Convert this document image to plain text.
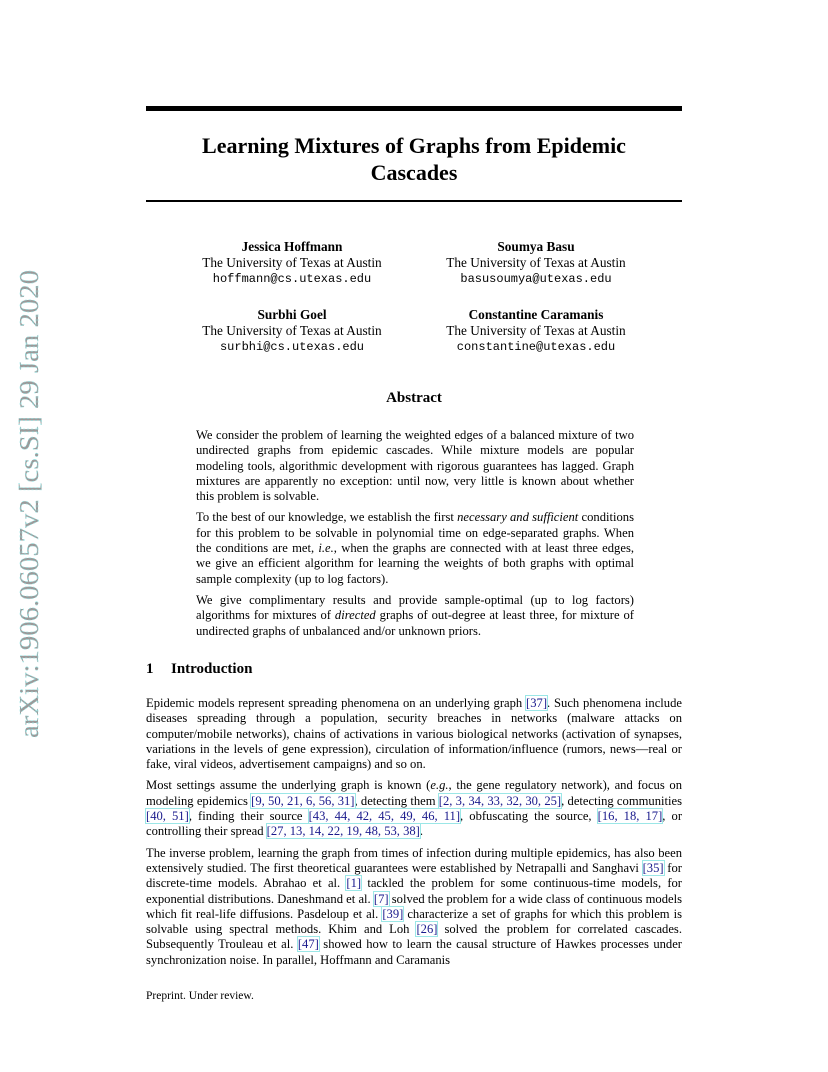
arXiv:1906.06057v2 [cs.SI] 29 Jan 2020
Learning Mixtures of Graphs from Epidemic
Cascades
Jessica Hoffmann
The University of Texas at Austin
hoffmann@cs.utexas.edu
Soumya Basu
The University of Texas at Austin
basusoumya@utexas.edu
Surbhi Goel
The University of Texas at Austin
surbhi@cs.utexas.edu
Constantine Caramanis
The University of Texas at Austin
constantine@utexas.edu
Abstract

We consider the problem of learning the weighted edges of a balanced mixture of two undirected graphs from epidemic cascades. While mixture models are popular modeling tools, algorithmic development with rigorous guarantees has lagged. Graph mixtures are apparently no exception: until now, very little is known about whether this problem is solvable.

To the best of our knowledge, we establish the first necessary and sufficient conditions for this problem to be solvable in polynomial time on edge-separated graphs. When the conditions are met, i.e., when the graphs are connected with at least three edges, we give an efficient algorithm for learning the weights of both graphs with optimal sample complexity (up to log factors).

We give complimentary results and provide sample-optimal (up to log factors) algorithms for mixtures of directed graphs of out-degree at least three, for mixture of undirected graphs of unbalanced and/or unknown priors.

1 Introduction

Epidemic models represent spreading phenomena on an underlying graph [37]. Such phenomena include diseases spreading through a population, security breaches in networks (malware attacks on computer/mobile networks), chains of activations in various biological networks (activation of synapses, variations in the levels of gene expression), circulation of information/influence (rumors, news—real or fake, viral videos, advertisement campaigns) and so on.

Most settings assume the underlying graph is known (e.g., the gene regulatory network), and focus on modeling epidemics [9, 50, 21, 6, 56, 31], detecting them [2, 3, 34, 33, 32, 30, 25], detecting communities [40, 51], finding their source [43, 44, 42, 45, 49, 46, 11], obfuscating the source, [16, 18, 17], or controlling their spread [27, 13, 14, 22, 19, 48, 53, 38].

The inverse problem, learning the graph from times of infection during multiple epidemics, has also been extensively studied. The first theoretical guarantees were established by Netrapalli and Sanghavi [35] for discrete-time models. Abrahao et al. [1] tackled the problem for some continuous-time models, for exponential distributions. Daneshmand et al. [7] solved the problem for a wide class of continuous models which fit real-life diffusions. Pasdeloup et al. [39] characterize a set of graphs for which this problem is solvable using spectral methods. Khim and Loh [26] solved the problem for correlated cascades. Subsequently Trouleau et al. [47] showed how to learn the causal structure of Hawkes processes under synchronization noise. In parallel, Hoffmann and Caramanis

Preprint. Under review.
